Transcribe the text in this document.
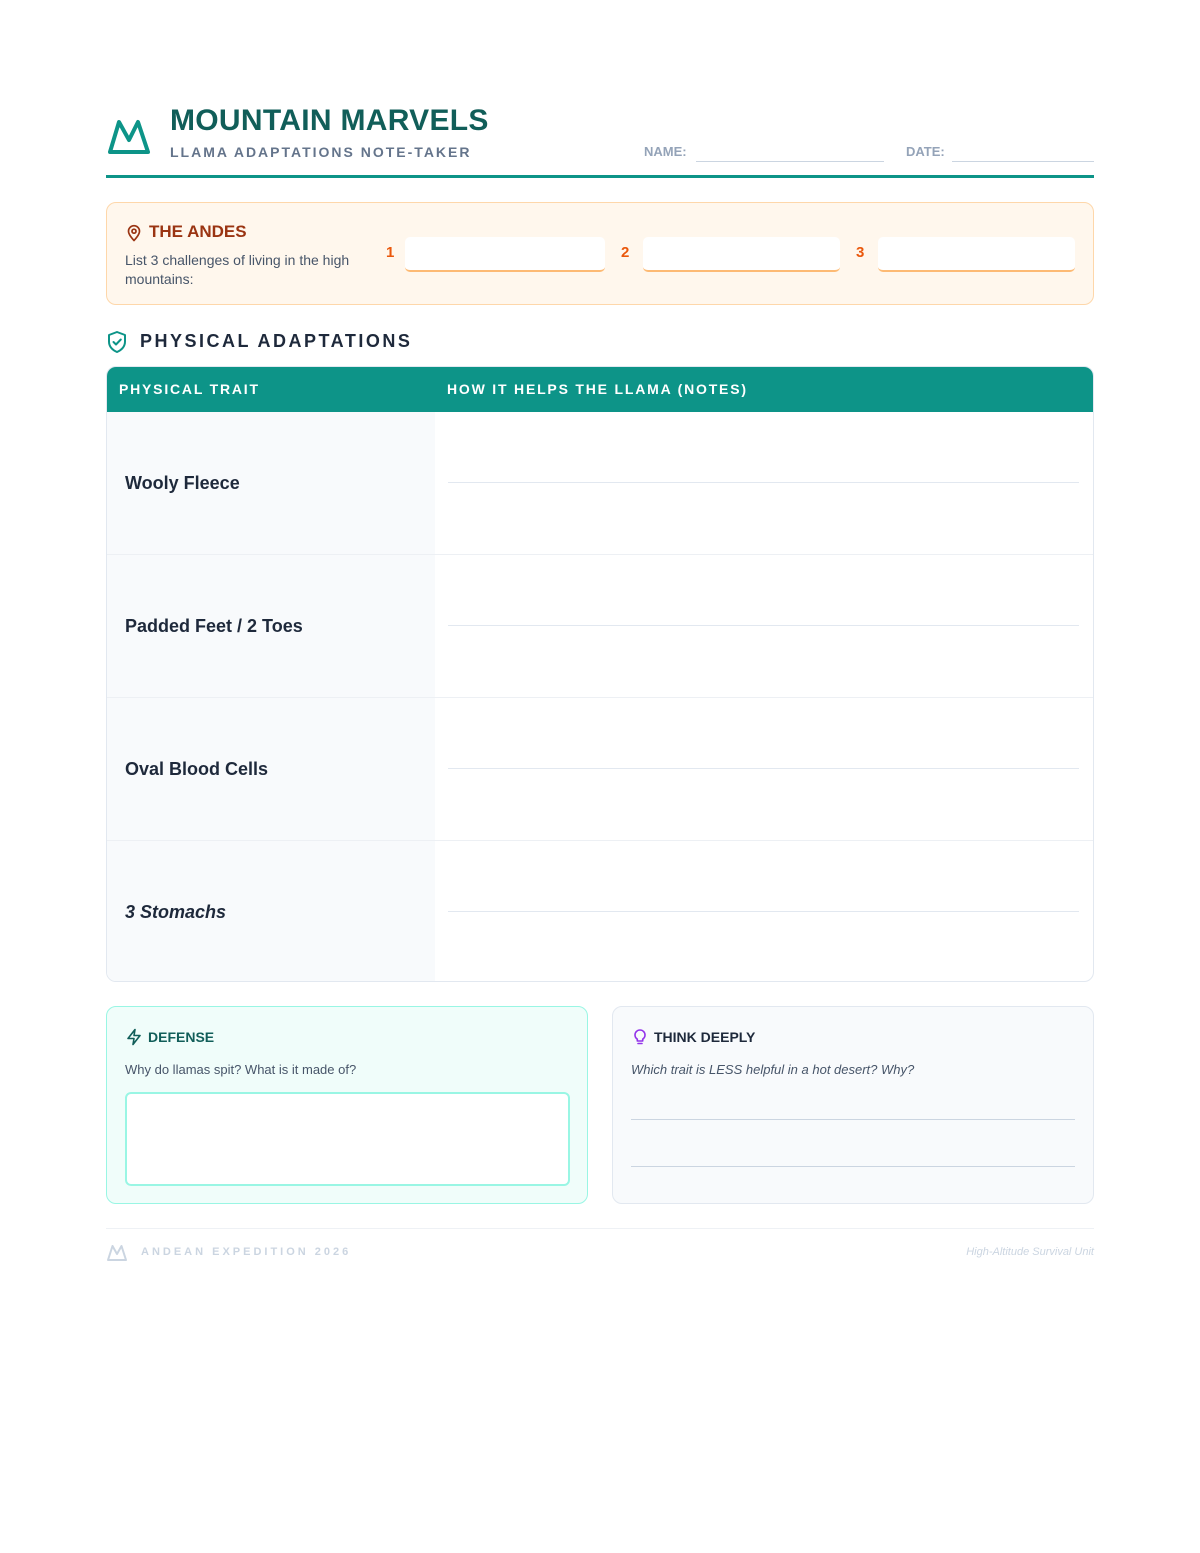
MOUNTAIN MARVELS
LLAMA ADAPTATIONS NOTE-TAKER	NAME:	DATE:
THE ANDES
List 3 challenges of living in the high mountains:
1	2	3
PHYSICAL ADAPTATIONS
PHYSICAL TRAIT	HOW IT HELPS THE LLAMA (NOTES)
Wooly Fleece
Padded Feet / 2 Toes
Oval Blood Cells
3 Stomachs
DEFENSE
Why do llamas spit? What is it made of?
THINK DEEPLY
Which trait is LESS helpful in a hot desert? Why?
ANDEAN EXPEDITION 2026	High-Altitude Survival Unit
